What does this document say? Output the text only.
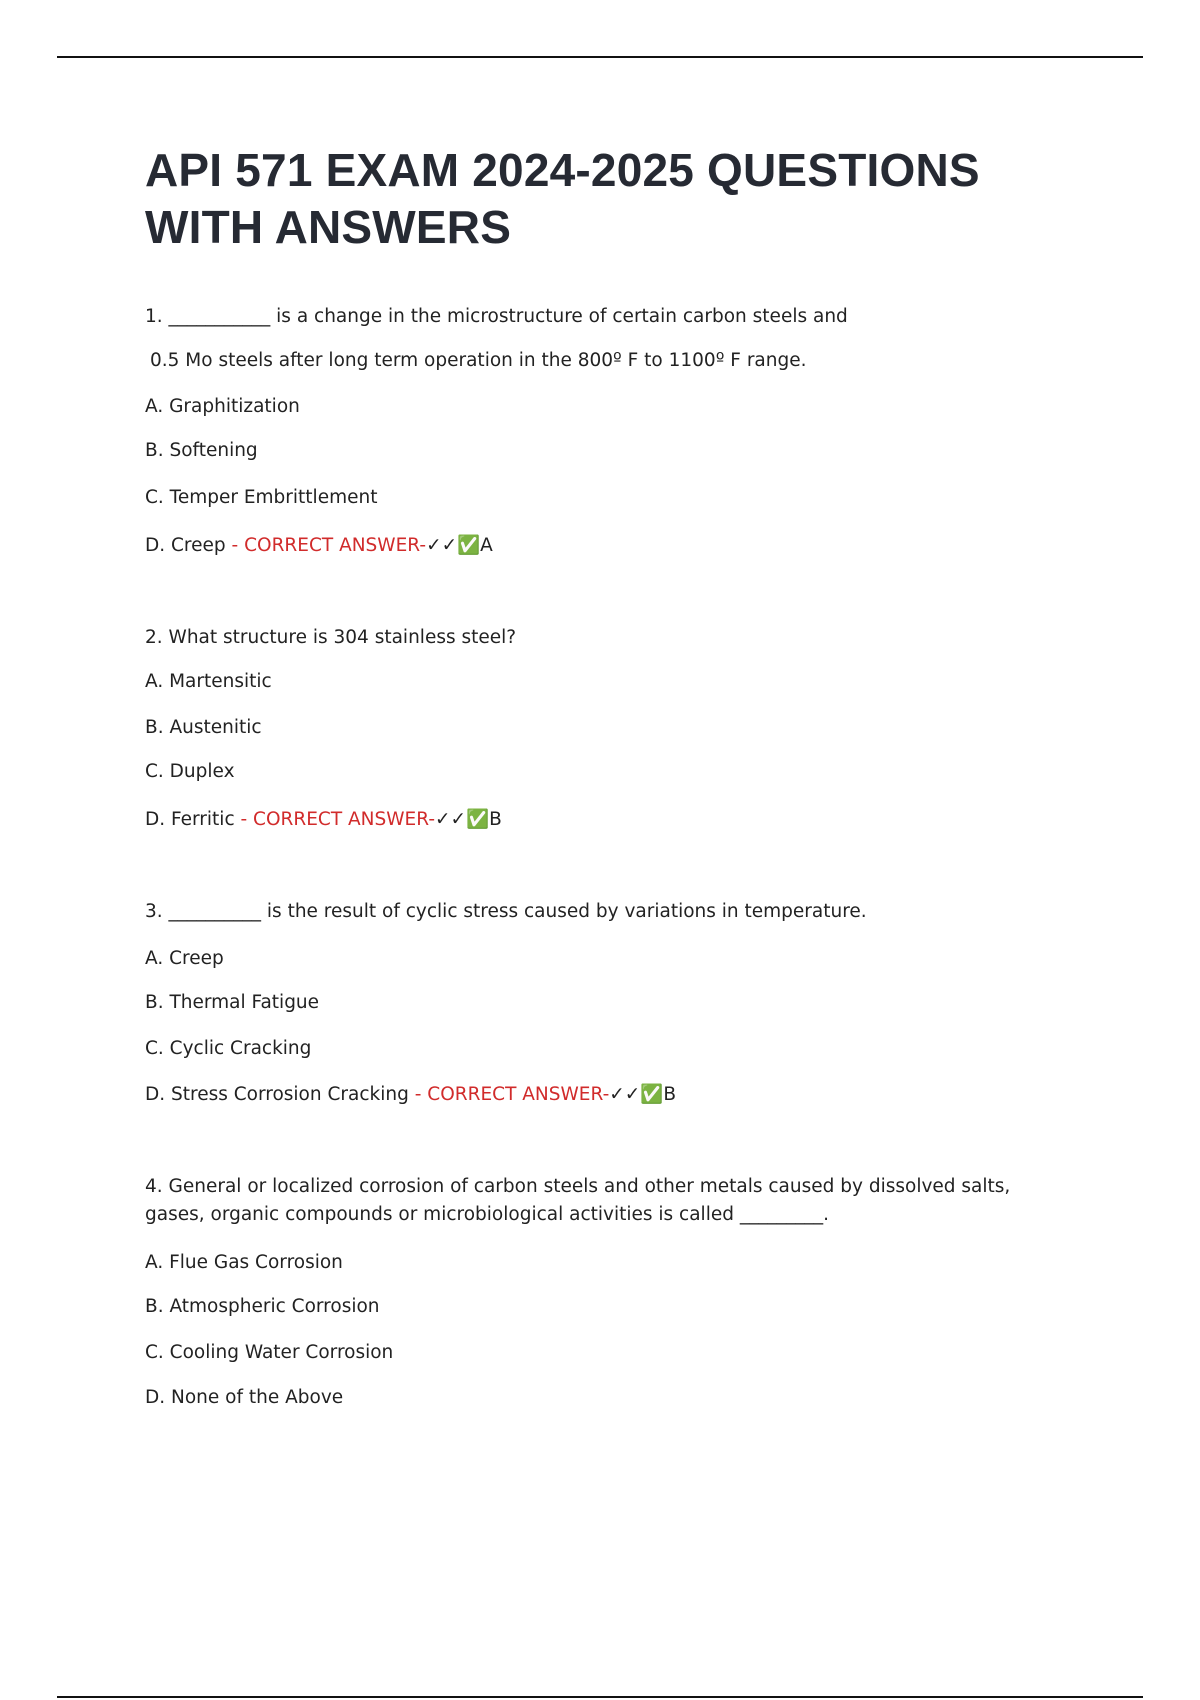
API 571 EXAM 2024-2025 QUESTIONS WITH ANSWERS

1. ___________ is a change in the microstructure of certain carbon steels and

0.5 Mo steels after long term operation in the 800º F to 1100º F range.

A. Graphitization

B. Softening

C. Temper Embrittlement

D. Creep - CORRECT ANSWER-✓✓✅A

2. What structure is 304 stainless steel?

A. Martensitic

B. Austenitic

C. Duplex

D. Ferritic - CORRECT ANSWER-✓✓✅B

3. __________ is the result of cyclic stress caused by variations in temperature.

A. Creep

B. Thermal Fatigue

C. Cyclic Cracking

D. Stress Corrosion Cracking - CORRECT ANSWER-✓✓✅B

4. General or localized corrosion of carbon steels and other metals caused by dissolved salts, gases, organic compounds or microbiological activities is called _________.

A. Flue Gas Corrosion

B. Atmospheric Corrosion

C. Cooling Water Corrosion

D. None of the Above
